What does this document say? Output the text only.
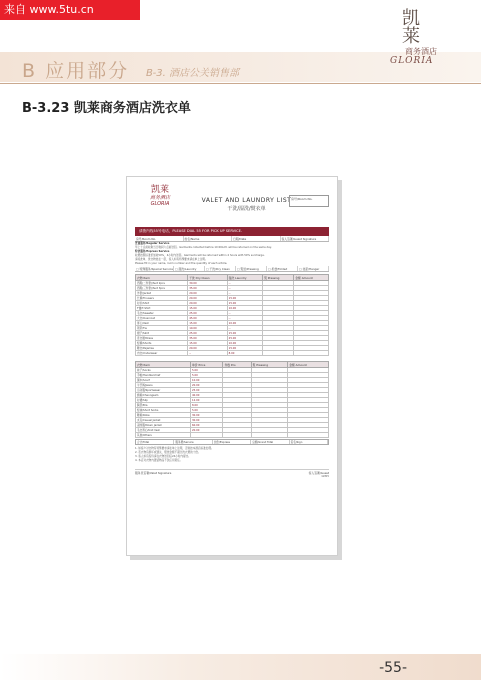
来自 www.5tu.cn
B 应用部分 B-3. 酒店公关销售部
凯莱
商务酒店
GLORIA
B-3.23 凯莱商务酒店洗衣单
凯莱
商务酒店
GLORIA	VALET AND LAUNDRY LIST
干洗/湿洗/熨衣单
房号/Room No.
请拨内线55号电话，PLEASE DIAL 55 FOR PICK UP SERVICE.
房号/Room No.	姓名/Name	日期/Date	客人签署/Guest Signature
普通服务/Regular Service
早上十点前收取当日晚间六点前送回。Garments collected before 10:00A.M. will be returned on the same day.
特快服务/Express Service
收费按照标准价加收50%，4小时内送回。Garments will be returned within 4 hours with 50% surcharge.
请将此单、洗衣物放在一起，客人如有特殊要求请在单上注明。
Please fill in your name, room number and the quantity of each article.
□ 特殊服务/Special Service □ 湿洗/Laundry	□ 干洗/Dry Clean	□ 熨烫/Pressing	□ 折叠/Folded	□ 挂起/Hanger
衣物 Item	干洗 Dry Clean	湿洗 Laundry	熨 Pressing	金额 Amount
西服(二件套)/Suit 2pcs	30.00	--		
西服(三件套)/Suit 3pcs	35.00	--		
外套/Jacket	20.00	--		
长裤/Trousers	20.00	15.00		
衬衫/Shirt	20.00	15.00		
T恤/T-Shirt	15.00	10.00		
毛衣/Sweater	25.00	--		
大衣/Overcoat	45.00	--		
背心/Vest	15.00	10.00		
领带/Tie	10.00	--		
裙子/Skirt	25.00	15.00		
连衣裙/Dress	35.00	25.00		
短裤/Shorts	15.00	10.00		
睡衣/Pajamas	20.00	15.00		
内衣/Underwear	--	8.00		
衣物 Item	单价 Price	件数 Pcs	熨 Pressing	金额 Amount
袜子/Socks	5.00			
手帕/Handkerchief	5.00			
围巾/Scarf	10.00			
牛仔裤/Jeans	20.00			
运动服/Sportswear	25.00			
旗袍/Cheongsam	40.00			
衬裙/Slip	12.00			
胸罩/Bra	8.00			
短袜/Short Socks	5.00			
睡袍/Robe	30.00			
夹克/Casual Jacket	30.00			
羽绒服/Down Jacket	60.00			
毛衣背心/Knit Vest	20.00			
其他/Others				
合计/Total	服务费/Service	加急/Express	总额/Grand Total	签名/Sign
1. 如客户对衣物有特殊要求请在单上注明，否则按本酒店标准处理。
2. 若衣物有损坏或遗失，赔偿金额不超过洗衣费的十倍。
3. 客人如有投诉请在衣物送回后24小时内提出。
4. 本店对衣物内遗留物品不负任何责任。
服务员签署/Valet Signature	客人签署/Guest
GM05
-55-
